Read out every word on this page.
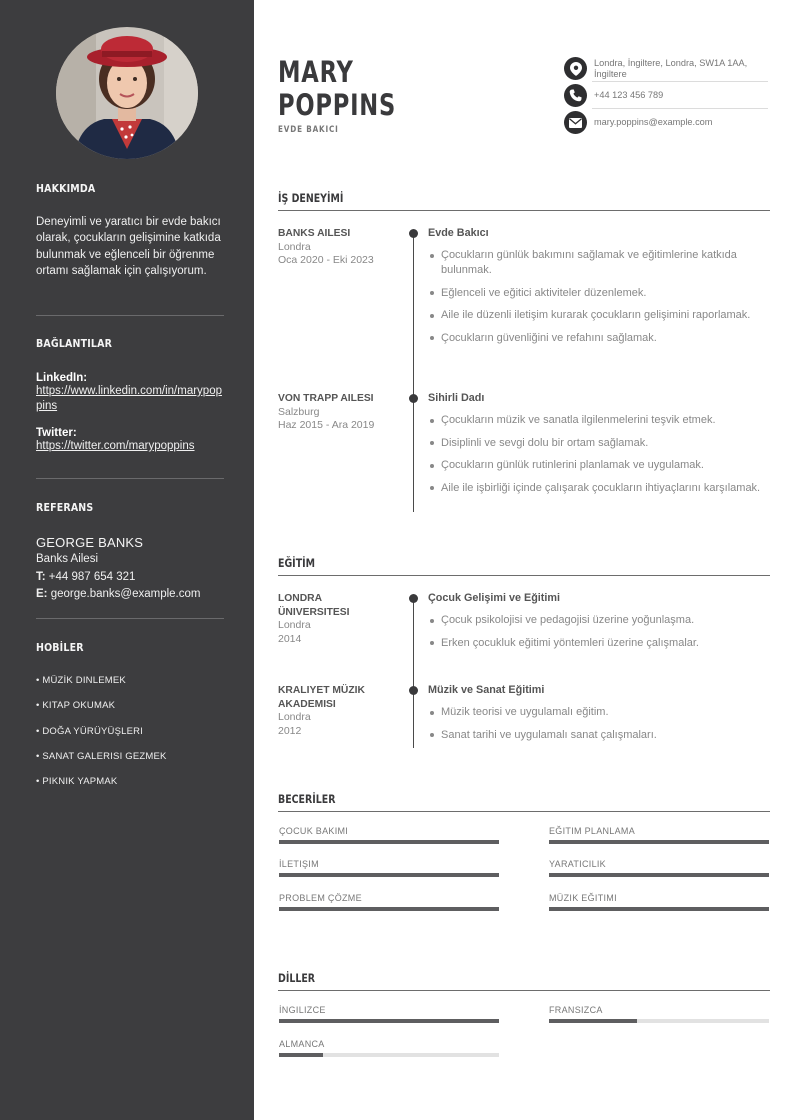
HAKKIMDA
Deneyimli ve yaratıcı bir evde bakıcı olarak, çocukların gelişimine katkıda bulunmak ve eğlenceli bir öğrenme ortamı sağlamak için çalışıyorum.
BAĞLANTILAR
LinkedIn:
https://www.linkedin.com/in/marypoppins
Twitter:
https://twitter.com/marypoppins
REFERANS
GEORGE BANKS
Banks Ailesi
T: +44 987 654 321
E: george.banks@example.com
HOBİLER
• MÜZİK DINLEMEK
• KITAP OKUMAK
• DOĞA YÜRÜYÜŞLERI
• SANAT GALERISI GEZMEK
• PIKNIK YAPMAK
MARY
POPPINS
EVDE BAKICI
Londra, İngiltere, Londra, SW1A 1AA, İngiltere
+44 123 456 789
mary.poppins@example.com
İŞ DENEYİMİ
BANKS AILESI
Londra
Oca 2020 - Eki 2023
Evde Bakıcı
Çocukların günlük bakımını sağlamak ve eğitimlerine katkıda bulunmak.
Eğlenceli ve eğitici aktiviteler düzenlemek.
Aile ile düzenli iletişim kurarak çocukların gelişimini raporlamak.
Çocukların güvenliğini ve refahını sağlamak.
VON TRAPP AILESI
Salzburg
Haz 2015 - Ara 2019
Sihirli Dadı
Çocukların müzik ve sanatla ilgilenmelerini teşvik etmek.
Disiplinli ve sevgi dolu bir ortam sağlamak.
Çocukların günlük rutinlerini planlamak ve uygulamak.
Aile ile işbirliği içinde çalışarak çocukların ihtiyaçlarını karşılamak.
EĞİTİM
LONDRA ÜNIVERSITESI
Londra
2014
Çocuk Gelişimi ve Eğitimi
Çocuk psikolojisi ve pedagojisi üzerine yoğunlaşma.
Erken çocukluk eğitimi yöntemleri üzerine çalışmalar.
KRALIYET MÜZIK AKADEMISI
Londra
2012
Müzik ve Sanat Eğitimi
Müzik teorisi ve uygulamalı eğitim.
Sanat tarihi ve uygulamalı sanat çalışmaları.
BECERİLER
ÇOCUK BAKIMI	EĞITIM PLANLAMA
İLETIŞIM	YARATICILIK
PROBLEM ÇÖZME	MÜZIK EĞITIMI
DİLLER
İNGILIZCE	FRANSIZCA
ALMANCA
